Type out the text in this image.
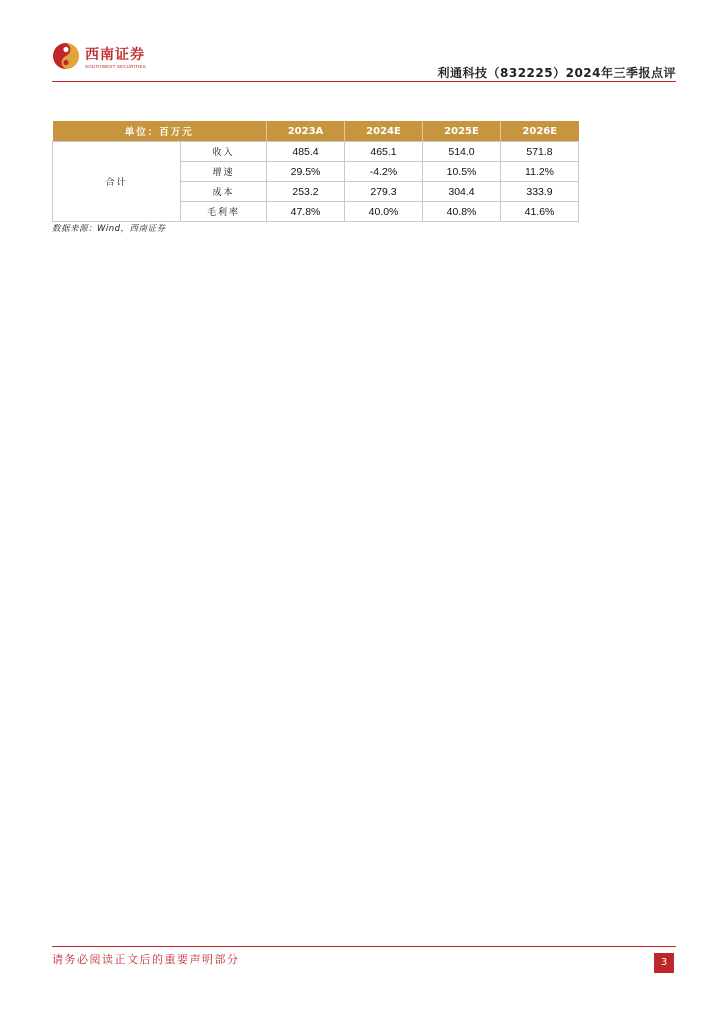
西南证券
SOUTHWEST SECURITIES	利通科技（832225）2024年三季报点评
单位：百万元		2023A	2024E	2025E	2026E
合计	收入	485.4	465.1	514.0	571.8
	增速	29.5%	-4.2%	10.5%	11.2%
	成本	253.2	279.3	304.4	333.9
	毛利率	47.8%	40.0%	40.8%	41.6%
数据来源：Wind，西南证券
请务必阅读正文后的重要声明部分	3
